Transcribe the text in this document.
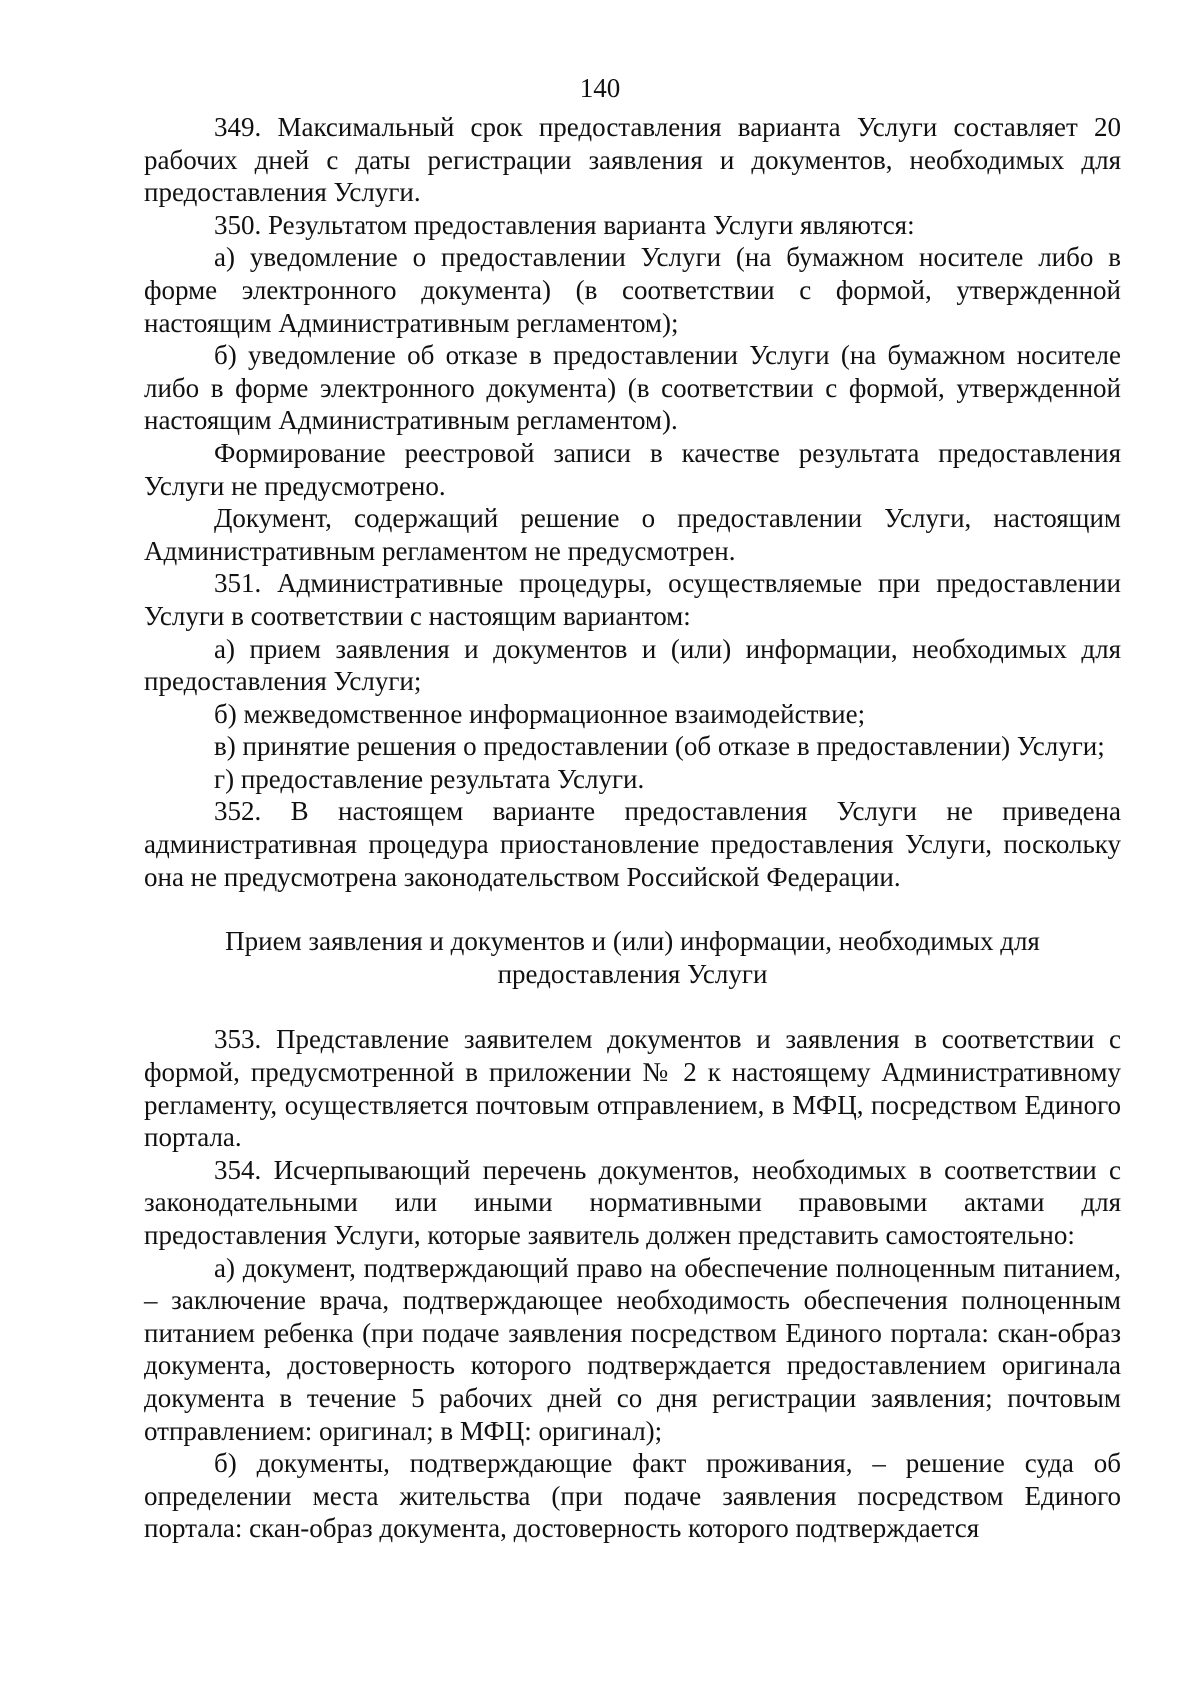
140

349. Максимальный срок предоставления варианта Услуги составляет 20 рабочих дней с даты регистрации заявления и документов, необходимых для предоставления Услуги.

350. Результатом предоставления варианта Услуги являются:

а) уведомление о предоставлении Услуги (на бумажном носителе либо в форме электронного документа) (в соответствии с формой, утвержденной настоящим Административным регламентом);

б) уведомление об отказе в предоставлении Услуги (на бумажном носителе либо в форме электронного документа) (в соответствии с формой, утвержденной настоящим Административным регламентом).

Формирование реестровой записи в качестве результата предоставления Услуги не предусмотрено.

Документ, содержащий решение о предоставлении Услуги, настоящим Административным регламентом не предусмотрен.

351. Административные процедуры, осуществляемые при предоставлении Услуги в соответствии с настоящим вариантом:

а) прием заявления и документов и (или) информации, необходимых для предоставления Услуги;

б) межведомственное информационное взаимодействие;

в) принятие решения о предоставлении (об отказе в предоставлении) Услуги;

г) предоставление результата Услуги.

352. В настоящем варианте предоставления Услуги не приведена административная процедура приостановление предоставления Услуги, поскольку она не предусмотрена законодательством Российской Федерации.

Прием заявления и документов и (или) информации, необходимых для предоставления Услуги

353. Представление заявителем документов и заявления в соответствии с формой, предусмотренной в приложении № 2 к настоящему Административному регламенту, осуществляется почтовым отправлением, в МФЦ, посредством Единого портала.

354. Исчерпывающий перечень документов, необходимых в соответствии с законодательными или иными нормативными правовыми актами для предоставления Услуги, которые заявитель должен представить самостоятельно:

а) документ, подтверждающий право на обеспечение полноценным питанием, – заключение врача, подтверждающее необходимость обеспечения полноценным питанием ребенка (при подаче заявления посредством Единого портала: скан-образ документа, достоверность которого подтверждается предоставлением оригинала документа в течение 5 рабочих дней со дня регистрации заявления; почтовым отправлением: оригинал; в МФЦ: оригинал);

б) документы, подтверждающие факт проживания, – решение суда об определении места жительства (при подаче заявления посредством Единого портала: скан-образ документа, достоверность которого подтверждается
